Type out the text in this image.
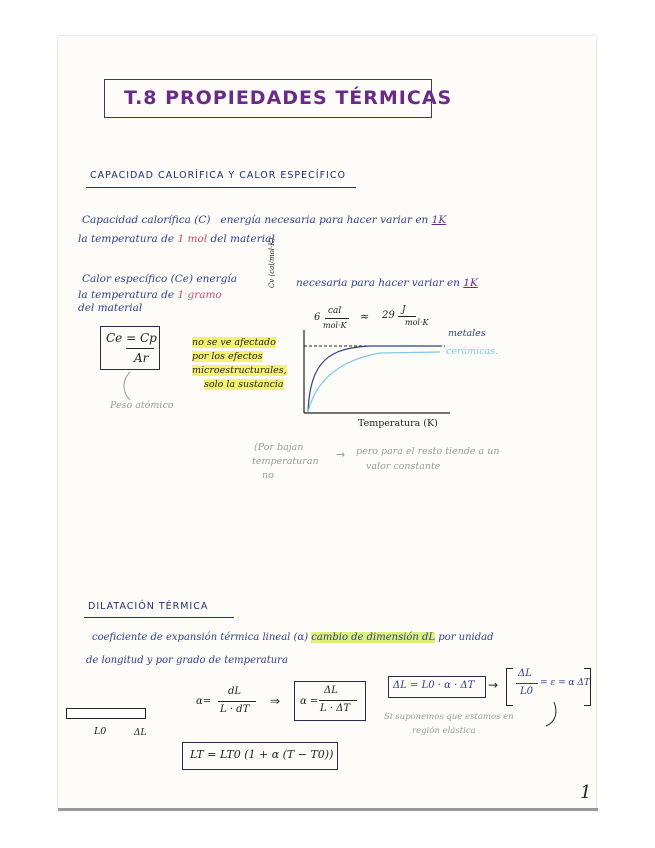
T.8 PROPIEDADES TÉRMICAS
CAPACIDAD CALORÍFICA Y CALOR ESPECÍFICO
Capacidad calorífica (C) energía necesaria para hacer variar en 1K
la temperatura de 1 mol del material
Calor específico (Ce) energía	necesaria para hacer variar en 1K
la temperatura de 1 gramo
del material
Ce = Cp
Ar
Peso atómico
no se ve afectado
por los efectos
microestructurales,
solo la sustancia
6
cal
mol·K
≈ 29 J
mol·K
metales
cerámicas.
Temperatura (K)
Cv (cal/mol·K)
(Por bajan
temperaturan
no
→ pero para el resto tiende a un
valor constante
DILATACIÓN TÉRMICA
coeficiente de expansión térmica lineal (α) cambio de dimensión dL por unidad
de longitud y por grado de temperatura
L0	ΔL
α=
dL
L · dT
⇒ α =
ΔL
L · ΔT
ΔL = L0 · α · ΔT →
ΔL
L0
= ε = α ΔT
Si suponemos que estamos en
región elástica
LT = LT0 (1 + α (T − T0))
1
